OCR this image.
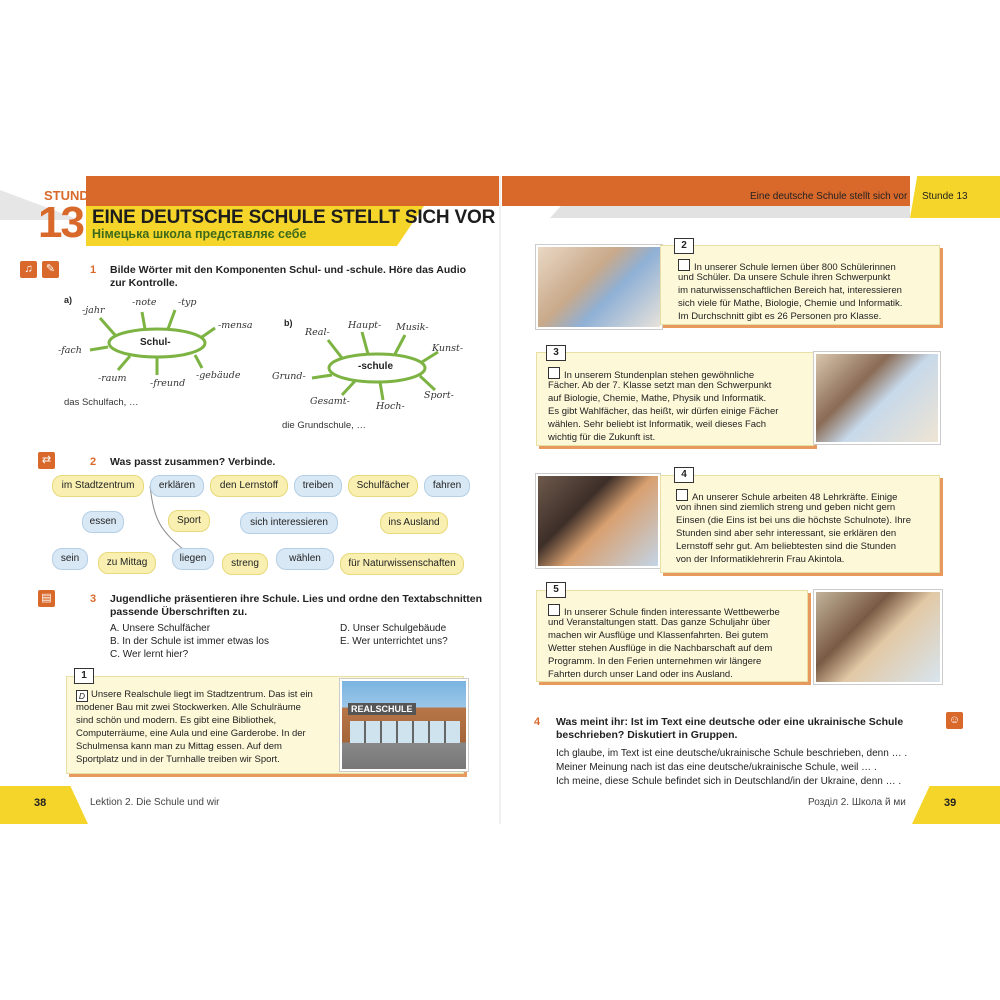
STUNDE
13 EINE DEUTSCHE SCHULE STELLT SICH VOR
Німецька школа представляє себе
Eine deutsche Schule stellt sich vor Stunde 13
♫	✎	1 Bilde Wörter mit den Komponenten Schul- und -schule. Höre das Audio
zur Kontrolle.
a)
Schul-
-jahr
-note -typ
-mensa
-fach
-gebäude
-raum -freund
das Schulfach, …
b)
-schule
Real-
Haupt- Musik-
Kunst-
Grund-
Sport-
Gesamt-	Hoch-
die Grundschule, …
⇄	2 Was passt zusammen? Verbinde.
im Stadtzentrum	erklären	den Lernstoff	treiben	Schulfächer	fahren
essen	Sport	sich interessieren	ins Ausland
sein	zu Mittag	liegen	streng	wählen	für Naturwissenschaften
▤	3 Jugendliche präsentieren ihre Schule. Lies und ordne den Textabschnitten
passende Überschriften zu.
A. Unsere Schulfächer
B. In der Schule ist immer etwas los
C. Wer lernt hier?
D. Unser Schulgebäude
E. Wer unterrichtet uns?
1
D Unsere Realschule liegt im Stadtzentrum. Das ist ein
modener Bau mit zwei Stockwerken. Alle Schulräume
sind schön und modern. Es gibt eine Bibliothek,
Computerräume, eine Aula und eine Garderobe. In der
Schulmensa kann man zu Mittag essen. Auf dem
Sportplatz und in der Turnhalle treiben wir Sport.
REALSCHULE
2
In unserer Schule lernen über 800 Schülerinnen
und Schüler. Da unsere Schule ihren Schwerpunkt
im naturwissenschaftlichen Bereich hat, interessieren
sich viele für Mathe, Biologie, Chemie und Informatik.
Im Durchschnitt gibt es 26 Personen pro Klasse.
3
In unserem Stundenplan stehen gewöhnliche
Fächer. Ab der 7. Klasse setzt man den Schwerpunkt
auf Biologie, Chemie, Mathe, Physik und Informatik.
Es gibt Wahlfächer, das heißt, wir dürfen einige Fächer
wählen. Sehr beliebt ist Informatik, weil dieses Fach
wichtig für die Zukunft ist.
4
An unserer Schule arbeiten 48 Lehrkräfte. Einige
von ihnen sind ziemlich streng und geben nicht gern
Einsen (die Eins ist bei uns die höchste Schulnote). Ihre
Stunden sind aber sehr interessant, sie erklären den
Lernstoff sehr gut. Am beliebtesten sind die Stunden
von der Informatiklehrerin Frau Akintola.
5
In unserer Schule finden interessante Wettbewerbe
und Veranstaltungen statt. Das ganze Schuljahr über
machen wir Ausflüge und Klassenfahrten. Bei gutem
Wetter stehen Ausflüge in die Nachbarschaft auf dem
Programm. In den Ferien unternehmen wir längere
Fahrten durch unser Land oder ins Ausland.
4 Was meint ihr: Ist im Text eine deutsche oder eine ukrainische Schule
beschrieben? Diskutiert in Gruppen.
☺
Ich glaube, im Text ist eine deutsche/ukrainische Schule beschrieben, denn … .
Meiner Meinung nach ist das eine deutsche/ukrainische Schule, weil … .
Ich meine, diese Schule befindet sich in Deutschland/in der Ukraine, denn … .
38	Lektion 2. Die Schule und wir	39
Розділ 2. Школа й ми
